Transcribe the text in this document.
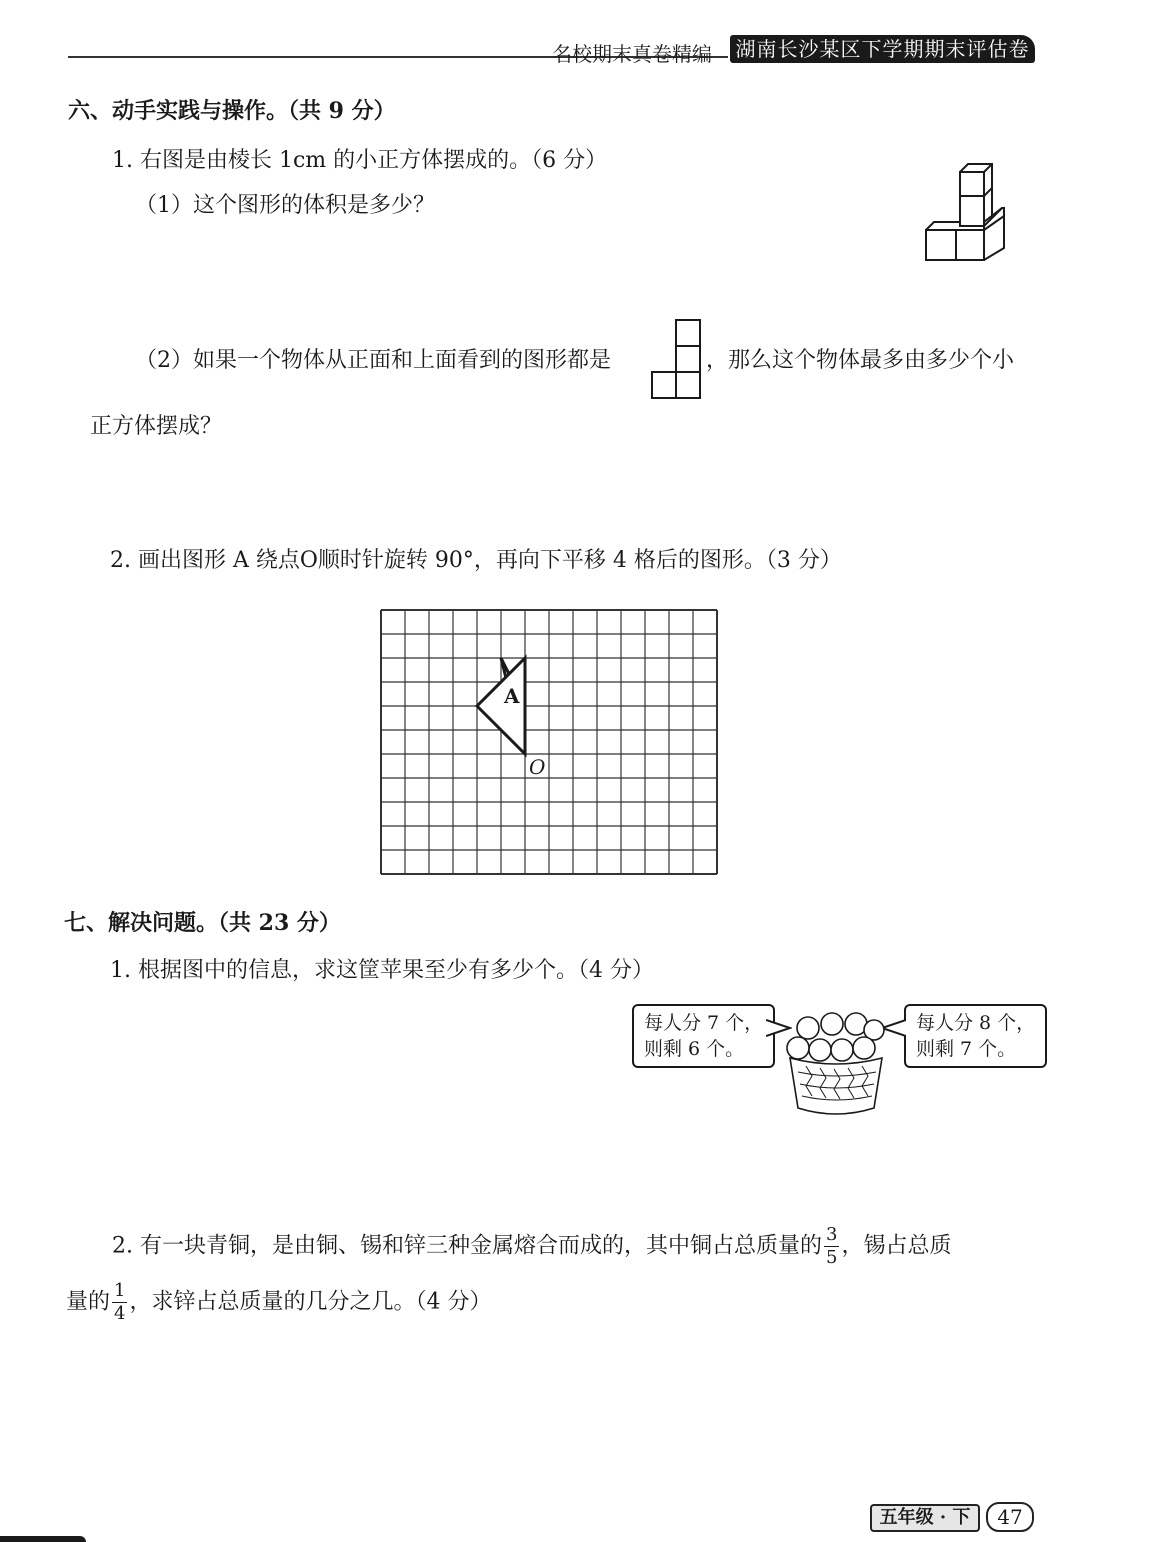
名校期末真卷精编 湖南长沙某区下学期期末评估卷
六、动手实践与操作。（共 9 分）
1. 右图是由棱长 1cm 的小正方体摆成的。（6 分）
（1）这个图形的体积是多少？
（2）如果一个物体从正面和上面看到的图形都是	，那么这个物体最多由多少个小
正方体摆成？
2. 画出图形 A 绕点O顺时针旋转 90°，再向下平移 4 格后的图形。（3 分）
A
O
七、解决问题。（共 23 分）
1. 根据图中的信息，求这筐苹果至少有多少个。（4 分）
每人分 7 个，
则剩 6 个。
每人分 8 个，
则剩 7 个。
2. 有一块青铜，是由铜、锡和锌三种金属熔合而成的，其中铜占总质量的 $\frac{3}{5}$ ，锡占总质
量的 $\frac{1}{4}$ ，求锌占总质量的几分之几。（4 分）
五年级 · 下	47
